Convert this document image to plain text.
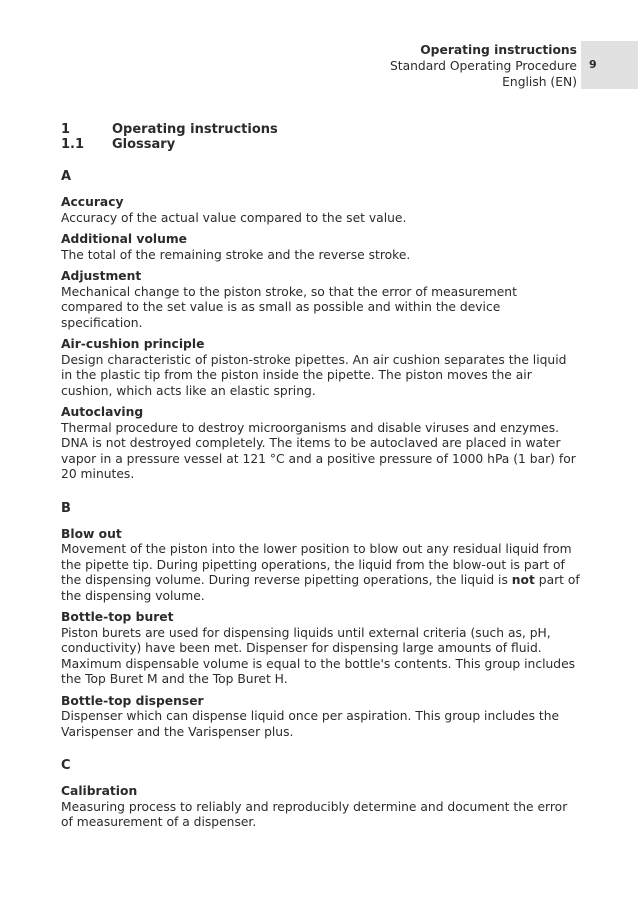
Operating instructions
Standard Operating Procedure
English (EN)
9
1	Operating instructions
1.1	Glossary
A
Accuracy

Accuracy of the actual value compared to the set value.

Additional volume

The total of the remaining stroke and the reverse stroke.

Adjustment

Mechanical change to the piston stroke, so that the error of measurement compared to the set value is as small as possible and within the device specification.

Air-cushion principle

Design characteristic of piston-stroke pipettes. An air cushion separates the liquid in the plastic tip from the piston inside the pipette. The piston moves the air cushion, which acts like an elastic spring.

Autoclaving

Thermal procedure to destroy microorganisms and disable viruses and enzymes. DNA is not destroyed completely. The items to be autoclaved are placed in water vapor in a pressure vessel at 121 °C and a positive pressure of 1000 hPa (1 bar) for 20 minutes.

B
Blow out

Movement of the piston into the lower position to blow out any residual liquid from the pipette tip. During pipetting operations, the liquid from the blow-out is part of the dispensing volume. During reverse pipetting operations, the liquid is not part of the dispensing volume.

Bottle-top buret

Piston burets are used for dispensing liquids until external criteria (such as, pH, conductivity) have been met. Dispenser for dispensing large amounts of fluid. Maximum dispensable volume is equal to the bottle's contents. This group includes the Top Buret M and the Top Buret H.

Bottle-top dispenser

Dispenser which can dispense liquid once per aspiration. This group includes the Varispenser and the Varispenser plus.

C
Calibration

Measuring process to reliably and reproducibly determine and document the error of measurement of a dispenser.
